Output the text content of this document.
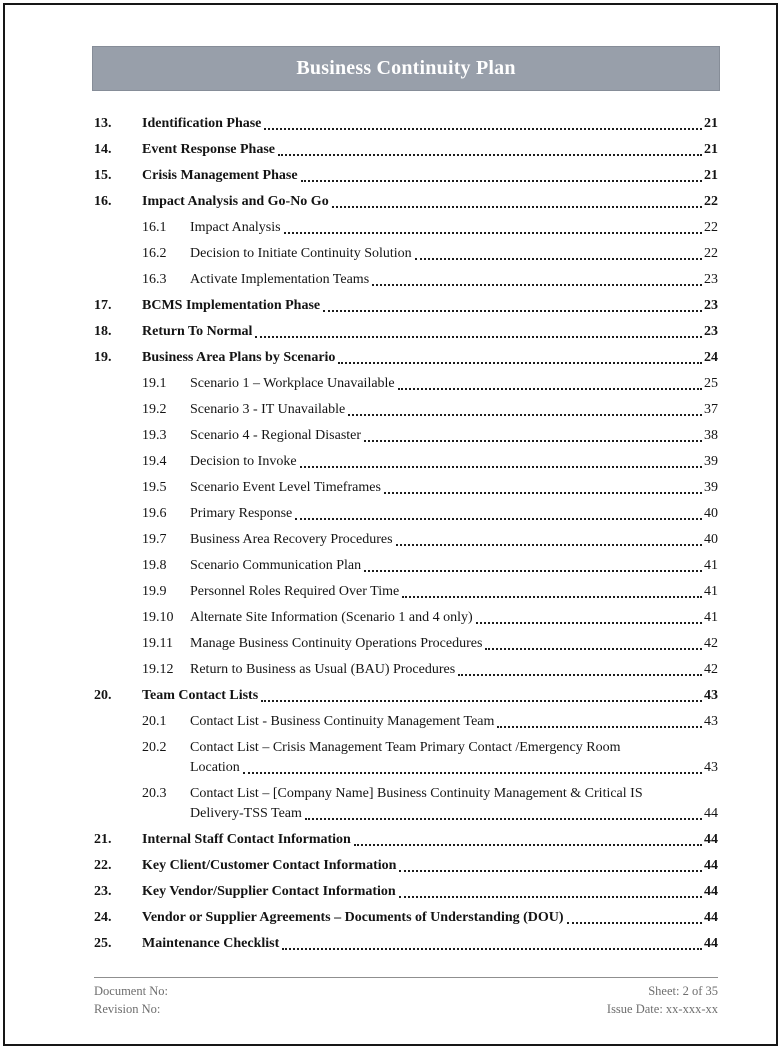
Business Continuity Plan
13.	Identification Phase	21
14.	Event Response Phase	21
15.	Crisis Management Phase	21
16.	Impact Analysis and Go-No Go	22
16.1	Impact Analysis	22
16.2	Decision to Initiate Continuity Solution	22
16.3	Activate Implementation Teams	23
17.	BCMS Implementation Phase	23
18.	Return To Normal	23
19.	Business Area Plans by Scenario	24
19.1	Scenario 1 – Workplace Unavailable	25
19.2	Scenario 3 - IT Unavailable	37
19.3	Scenario 4 - Regional Disaster	38
19.4	Decision to Invoke	39
19.5	Scenario Event Level Timeframes	39
19.6	Primary Response	40
19.7	Business Area Recovery Procedures	40
19.8	Scenario Communication Plan	41
19.9	Personnel Roles Required Over Time	41
19.10	Alternate Site Information (Scenario 1 and 4 only)	41
19.11	Manage Business Continuity Operations Procedures	42
19.12	Return to Business as Usual (BAU) Procedures	42
20.	Team Contact Lists	43
20.1	Contact List - Business Continuity Management Team	43
20.2	Contact List – Crisis Management Team Primary Contact /Emergency Room
Location	43
20.3	Contact List – [Company Name] Business Continuity Management & Critical IS
Delivery-TSS Team	44
21.	Internal Staff Contact Information	44
22.	Key Client/Customer Contact Information	44
23.	Key Vendor/Supplier Contact Information	44
24.	Vendor or Supplier Agreements – Documents of Understanding (DOU)	44
25.	Maintenance Checklist	44
Document No:
Revision No:
Sheet: 2 of 35
Issue Date: xx-xxx-xx
